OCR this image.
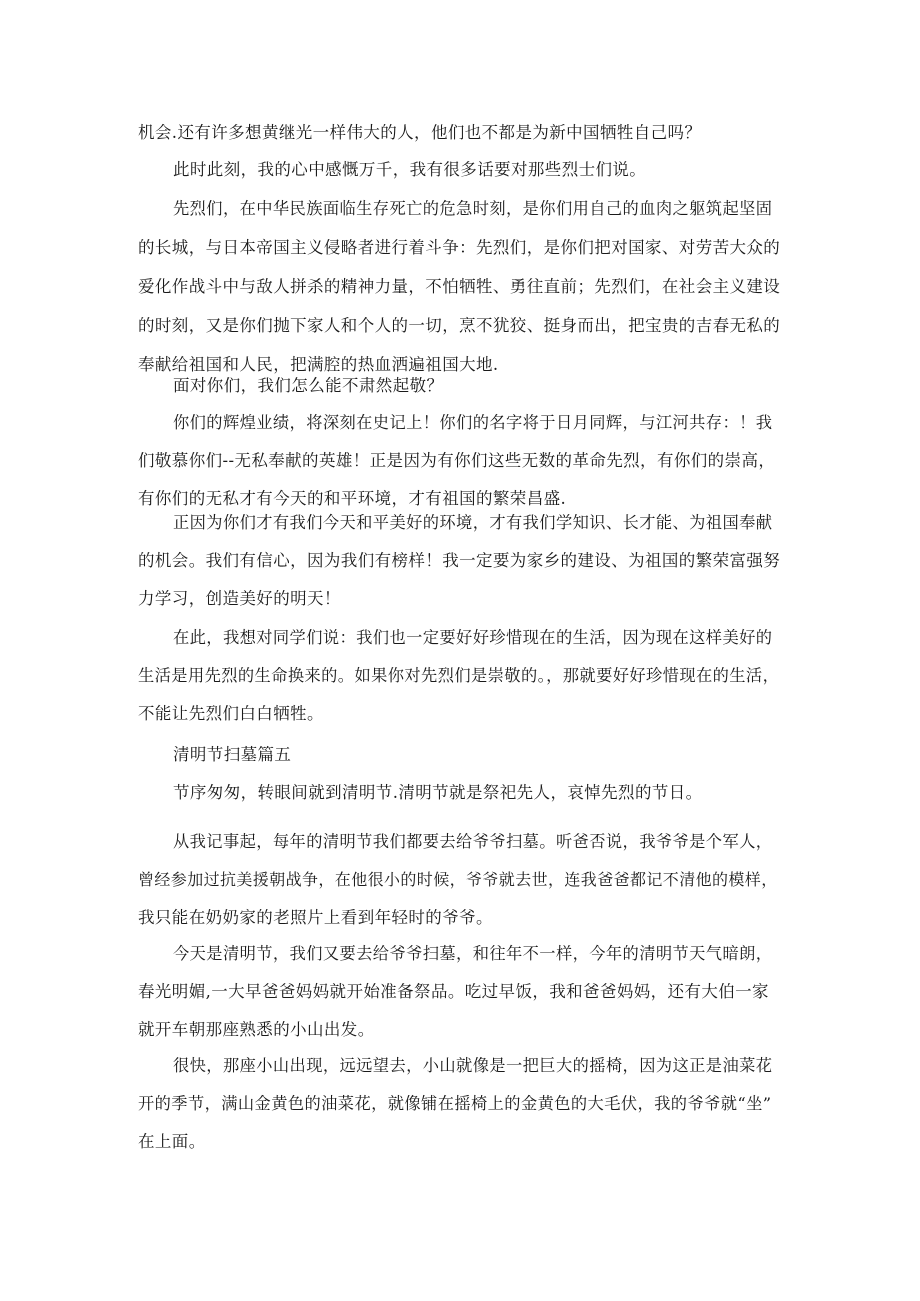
机会.还有许多想黄继光一样伟大的人，他们也不都是为新中国牺牲自己吗？
此时此刻，我的心中感慨万千，我有很多话要对那些烈士们说。
先烈们，在中华民族面临生存死亡的危急时刻，是你们用自己的血肉之躯筑起坚固
的长城，与日本帝国主义侵略者进行着斗争：先烈们，是你们把对国家、对劳苦大众的
爱化作战斗中与敌人拼杀的精神力量，不怕牺牲、勇往直前；先烈们，在社会主义建设
的时刻，又是你们抛下家人和个人的一切，烹不犹狡、挺身而出，把宝贵的吉春无私的
奉献给祖国和人民，把满腔的热血洒遍祖国大地.
面对你们，我们怎么能不肃然起敬？
你们的辉煌业绩，将深刻在史记上！你们的名字将于日月同辉，与江河共存：！我
们敬慕你们--无私奉献的英雄！正是因为有你们这些无数的革命先烈，有你们的崇高，
有你们的无私才有今天的和平环境，才有祖国的繁荣昌盛.
正因为你们才有我们今天和平美好的环境，才有我们学知识、长才能、为祖国奉献
的机会。我们有信心，因为我们有榜样！我一定要为家乡的建设、为祖国的繁荣富强努
力学习，创造美好的明天！
在此，我想对同学们说：我们也一定要好好珍惜现在的生活，因为现在这样美好的
生活是用先烈的生命换来的。如果你对先烈们是崇敬的。，那就要好好珍惜现在的生活，
不能让先烈们白白牺牲。
清明节扫墓篇五
节序匆匆，转眼间就到清明节.清明节就是祭祀先人，哀悼先烈的节日。
从我记事起，每年的清明节我们都要去给爷爷扫墓。听爸否说，我爷爷是个军人，
曾经参加过抗美援朝战争，在他很小的时候，爷爷就去世，连我爸爸都记不清他的模样，
我只能在奶奶家的老照片上看到年轻时的爷爷。
今天是清明节，我们又要去给爷爷扫墓，和往年不一样，今年的清明节天气暗朗，
春光明媚,一大早爸爸妈妈就开始准备祭品。吃过早饭，我和爸爸妈妈，还有大伯一家
就开车朝那座熟悉的小山出发。
很快，那座小山出现，远远望去，小山就像是一把巨大的摇椅，因为这正是油菜花
开的季节，满山金黄色的油菜花，就像铺在摇椅上的金黄色的大毛伏，我的爷爷就“坐”
在上面。
